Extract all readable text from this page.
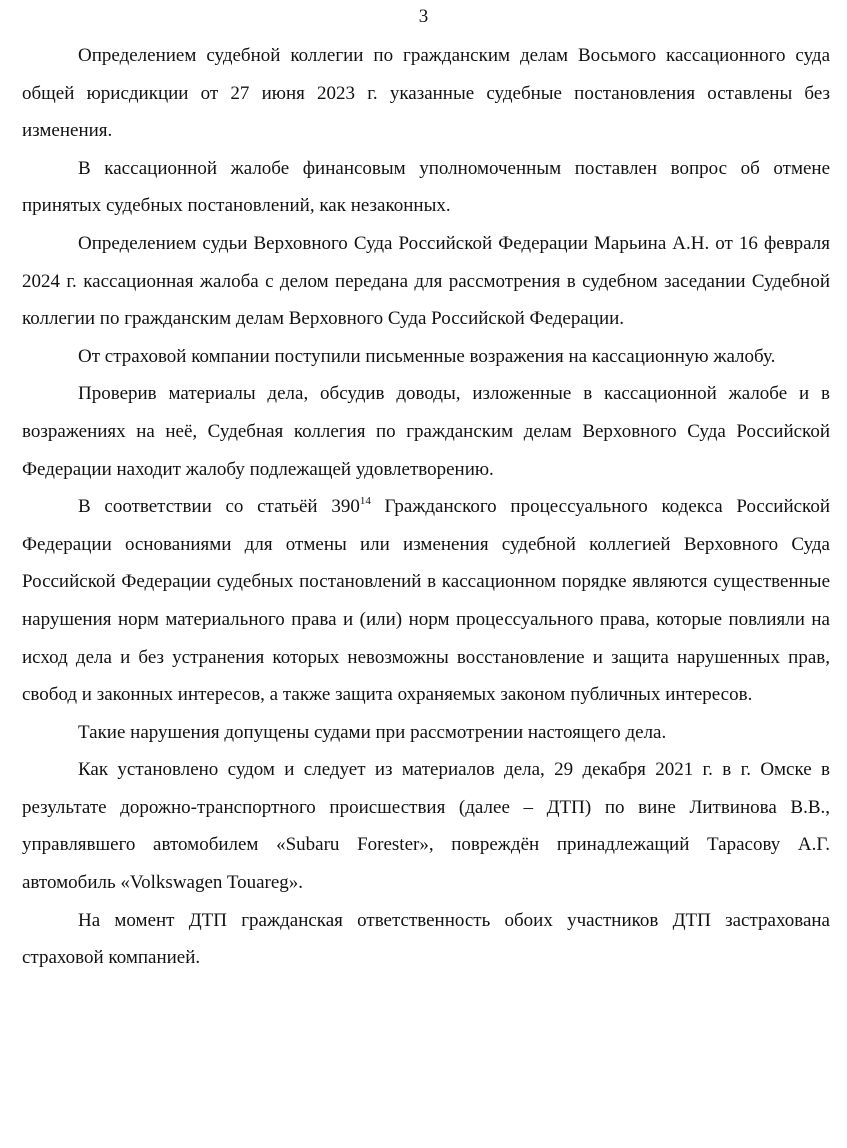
3

Определением судебной коллегии по гражданским делам Восьмого кассационного суда общей юрисдикции от 27 июня 2023 г. указанные судебные постановления оставлены без изменения.

В кассационной жалобе финансовым уполномоченным поставлен вопрос об отмене принятых судебных постановлений, как незаконных.

Определением судьи Верховного Суда Российской Федерации Марьина А.Н. от 16 февраля 2024 г. кассационная жалоба с делом передана для рассмотрения в судебном заседании Судебной коллегии по гражданским делам Верховного Суда Российской Федерации.

От страховой компании поступили письменные возражения на кассационную жалобу.

Проверив материалы дела, обсудив доводы, изложенные в кассационной жалобе и в возражениях на неё, Судебная коллегия по гражданским делам Верховного Суда Российской Федерации находит жалобу подлежащей удовлетворению.

В соответствии со статьёй $390^{14}$ Гражданского процессуального кодекса Российской Федерации основаниями для отмены или изменения судебной коллегией Верховного Суда Российской Федерации судебных постановлений в кассационном порядке являются существенные нарушения норм материального права и (или) норм процессуального права, которые повлияли на исход дела и без устранения которых невозможны восстановление и защита нарушенных прав, свобод и законных интересов, а также защита охраняемых законом публичных интересов.

Такие нарушения допущены судами при рассмотрении настоящего дела.

Как установлено судом и следует из материалов дела, 29 декабря 2021 г. в г. Омске в результате дорожно-транспортного происшествия (далее – ДТП) по вине Литвинова В.В., управлявшего автомобилем «Subaru Forester», повреждён принадлежащий Тарасову А.Г. автомобиль «Volkswagen Touareg».

На момент ДТП гражданская ответственность обоих участников ДТП застрахована страховой компанией.
